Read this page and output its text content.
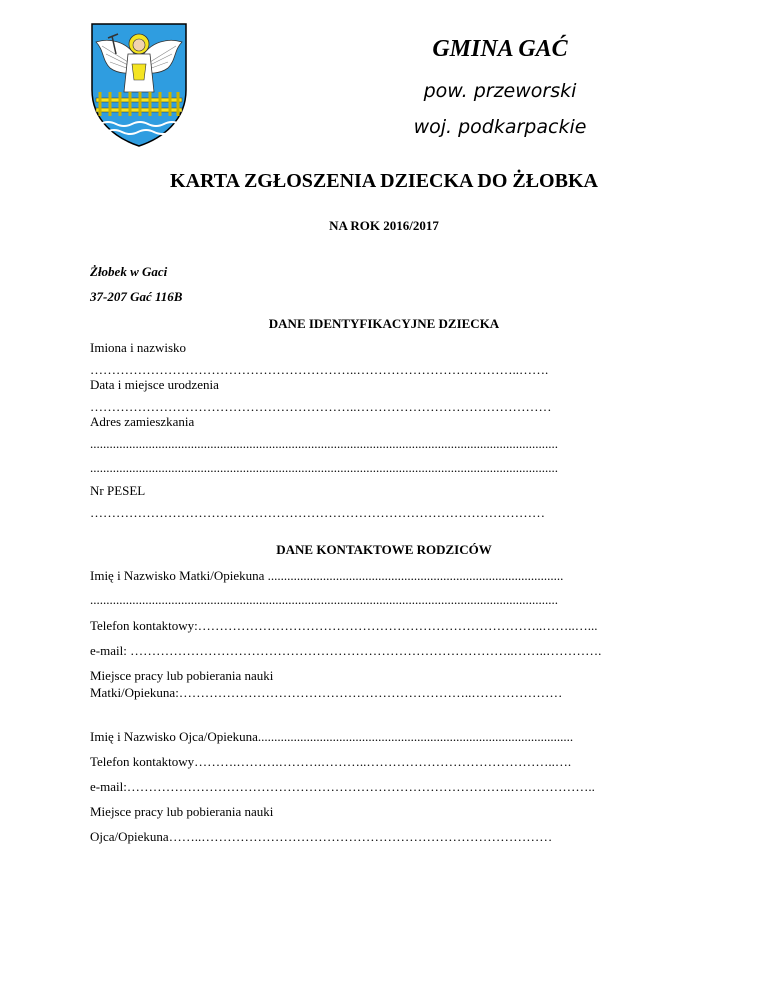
GMINA GAĆ
pow. przeworski
woj. podkarpackie
KARTA ZGŁOSZENIA DZIECKA DO ŻŁOBKA
NA ROK 2016/2017
Żłobek w Gaci
37-207 Gać 116B
DANE IDENTYFIKACYJNE DZIECKA
Imiona i nazwisko
……………………………………………………..………………………………..…….
Data i miejsce urodzenia
……………………………………………………..………………………………………
Adres zamieszkania
................................................................................................................................................
................................................................................................................................................
Nr PESEL
……………………………………………………………………………………………
DANE KONTAKTOWE RODZICÓW
Imię i Nazwisko Matki/Opiekuna ...........................................................................................
................................................................................................................................................
Telefon kontaktowy:……………………………………………………………………..……..…...
e-mail: ……………………………………………………………………………..……..………….
Miejsce pracy lub pobierania nauki
Matki/Opiekuna:…………………………………………………………..…………………
Imię i Nazwisko Ojca/Opiekuna.................................................................................................
Telefon kontaktowy……….……….……….………..……………………………………..….
e-mail:……………………………………………………………………………..………………..
Miejsce pracy lub pobierania nauki
Ojca/Opiekuna……..………………………………………………………………………
